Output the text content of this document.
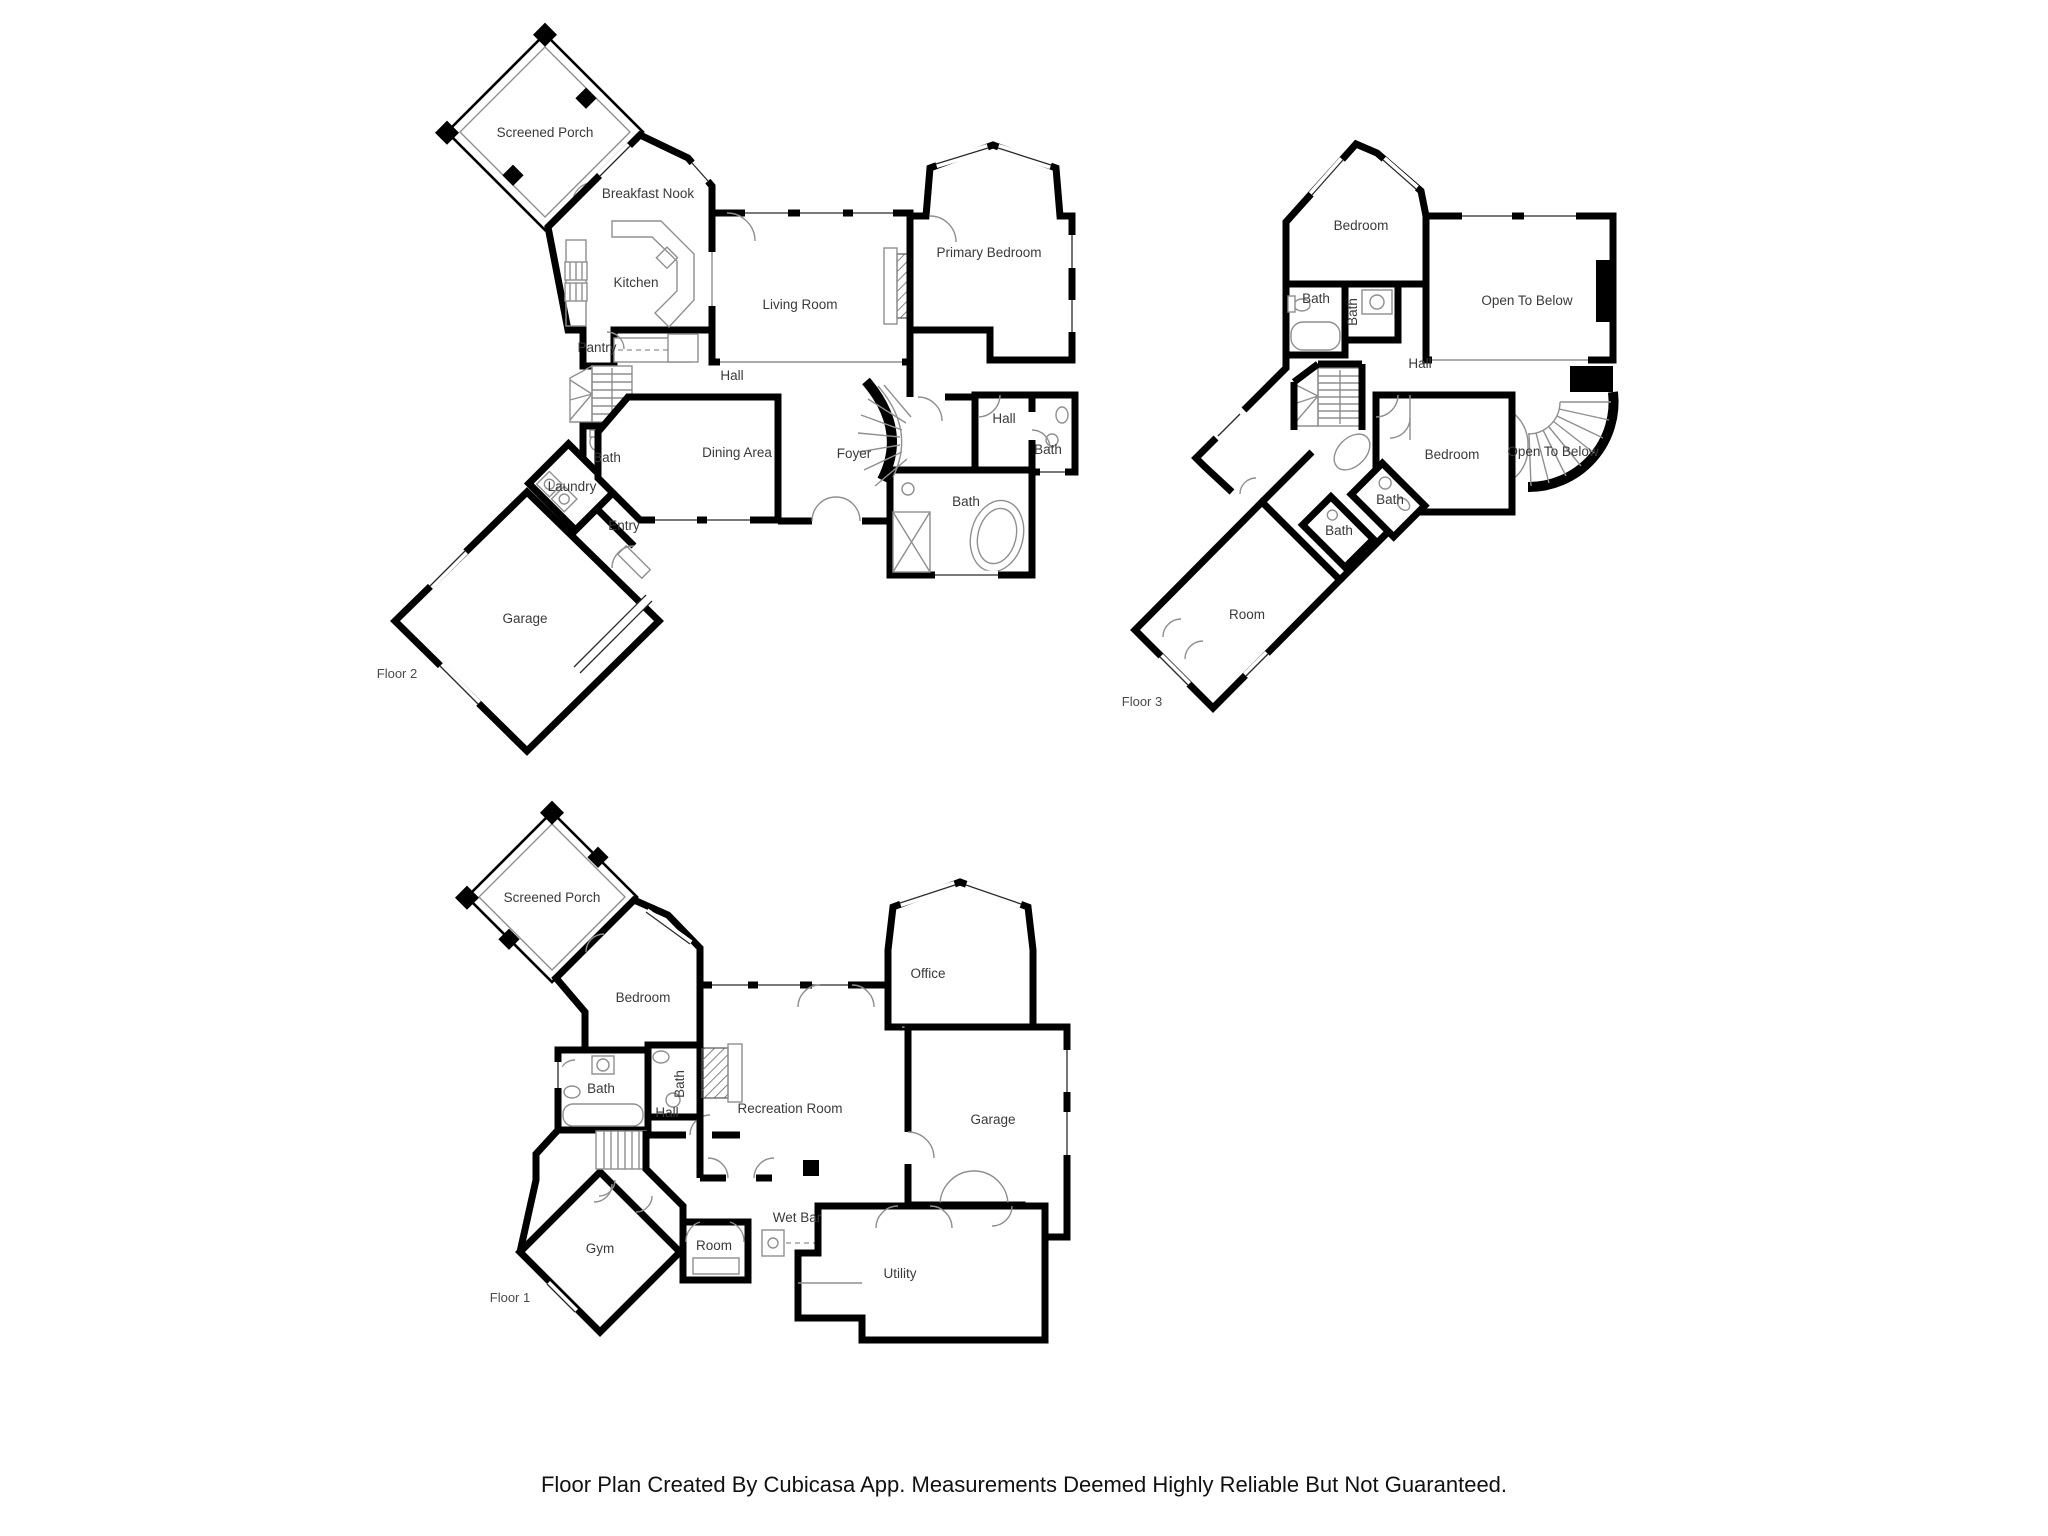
Screened Porch
Breakfast Nook
Kitchen
Living Room
Primary Bedroom
Pantry
Hall
Dining Area	Foyer
Bath
Laundry
Entry
Garage
Hall
Bath
Bath
Floor 2
Bedroom
Bath Bath
Hall
Open To Below
Bedroom Open To Below
Bath
Bath
Room
Floor 3
Screened Porch
Bedroom
Office
Bath	Bath
Hall	Recreation Room
Garage
Gym	Room
Wet Bar
Utility
Floor 1
Floor Plan Created By Cubicasa App. Measurements Deemed Highly Reliable But Not Guaranteed.
